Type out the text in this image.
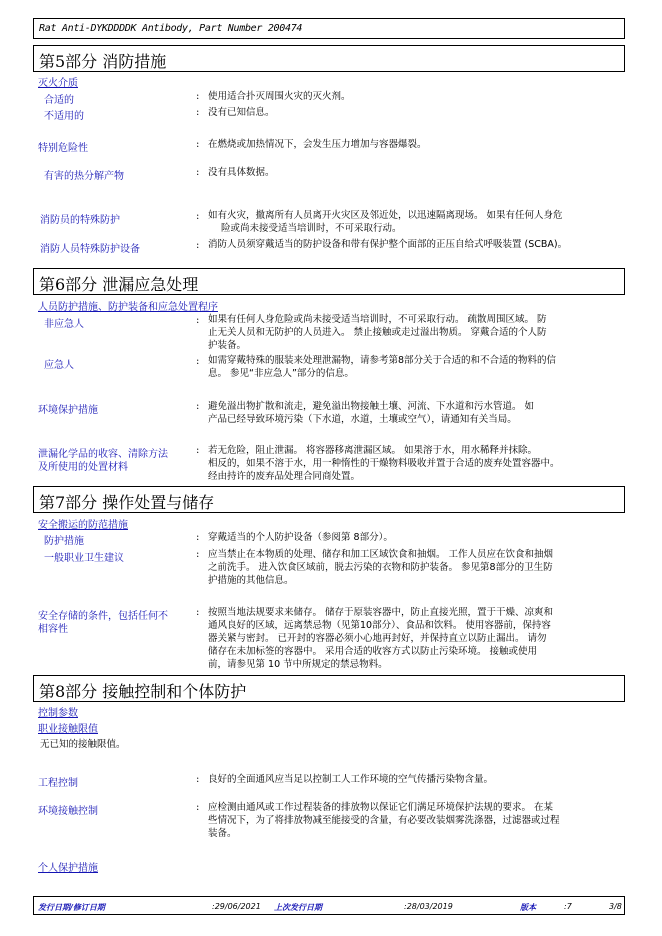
Rat Anti-DYKDDDDK Antibody, Part Number 200474
第5部分 消防措施
灭火介质
合适的	: 使用适合扑灭周围火灾的灭火剂。
不适用的	: 没有已知信息。
特别危险性	: 在燃烧或加热情况下，会发生压力增加与容器爆裂。
有害的热分解产物	: 没有具体数据。
消防员的特殊防护	: 如有火灾，撤离所有人员离开火灾区及邻近处，以迅速隔离现场。 如果有任何人身危
险或尚未接受适当培训时，不可采取行动。
消防人员特殊防护设备	: 消防人员须穿戴适当的防护设备和带有保护整个面部的正压自给式呼吸装置 (SCBA)。
第6部分 泄漏应急处理
人员防护措施、防护装备和应急处置程序
非应急人	: 如果有任何人身危险或尚未接受适当培训时，不可采取行动。 疏散周围区域。 防
止无关人员和无防护的人员进入。 禁止接触或走过溢出物质。 穿戴合适的个人防
护装备。
应急人	: 如需穿戴特殊的服装来处理泄漏物，请参考第8部分关于合适的和不合适的物料的信
息。 参见“非应急人”部分的信息。
环境保护措施	: 避免溢出物扩散和流走，避免溢出物接触土壤、河流、下水道和污水管道。 如
产品已经导致环境污染（下水道，水道，土壤或空气），请通知有关当局。
泄漏化学品的收容、清除方法
及所使用的处置材料
: 若无危险，阻止泄漏。 将容器移离泄漏区域。 如果溶于水，用水稀释并抹除。
相反的，如果不溶于水，用一种惰性的干燥物料吸收并置于合适的废弃处置容器中。
经由持许的废弃品处理合同商处置。
第7部分 操作处置与储存
安全搬运的防范措施
防护措施	: 穿戴适当的个人防护设备（参阅第 8部分）。
一般职业卫生建议	: 应当禁止在本物质的处理、储存和加工区域饮食和抽烟。 工作人员应在饮食和抽烟
之前洗手。 进入饮食区域前，脱去污染的衣物和防护装备。 参见第8部分的卫生防
护措施的其他信息。
安全存储的条件，包括任何不
相容性
: 按照当地法规要求来储存。 储存于原装容器中，防止直接光照，置于干燥、凉爽和
通风良好的区域，远离禁忌物（见第10部分）、食品和饮料。 使用容器前，保持容
器关紧与密封。 已开封的容器必须小心地再封好，并保持直立以防止漏出。 请勿
储存在未加标签的容器中。 采用合适的收容方式以防止污染环境。 接触或使用
前，请参见第 10 节中所规定的禁忌物料。
第8部分 接触控制和个体防护
控制参数
职业接触限值
无已知的接触限值。
工程控制	: 良好的全面通风应当足以控制工人工作环境的空气传播污染物含量。
环境接触控制	: 应检测由通风或工作过程装备的排放物以保证它们满足环境保护法规的要求。 在某
些情况下，为了将排放物减至能接受的含量，有必要改装烟雾洗涤器，过滤器或过程
装备。
个人保护措施
发行日期/修订日期	:29/06/2021 上次发行日期	:28/03/2019	版本	:7	3/8
